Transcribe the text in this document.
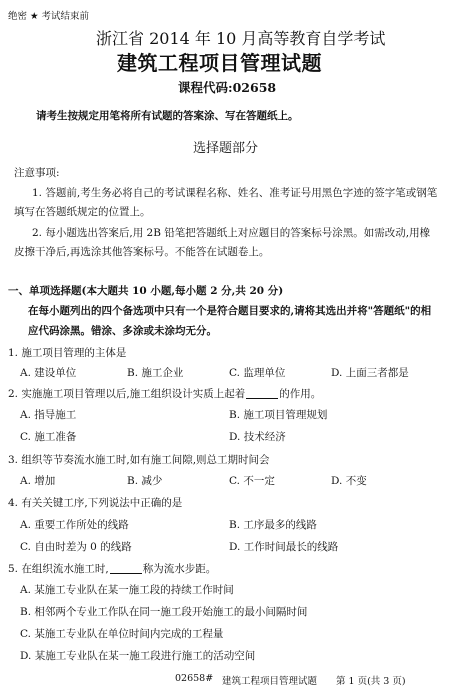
绝密 ★ 考试结束前
浙江省 2014 年 10 月高等教育自学考试
建筑工程项目管理试题
课程代码:02658
请考生按规定用笔将所有试题的答案涂、写在答题纸上。
选择题部分
注意事项:
1. 答题前,考生务必将自己的考试课程名称、姓名、准考证号用黑色字迹的签字笔或钢笔
填写在答题纸规定的位置上。
2. 每小题选出答案后,用 2B 铅笔把答题纸上对应题目的答案标号涂黑。如需改动,用橡
皮擦干净后,再选涂其他答案标号。不能答在试题卷上。
一、单项选择题(本大题共 10 小题,每小题 2 分,共 20 分)
在每小题列出的四个备选项中只有一个是符合题目要求的,请将其选出并将"答题纸"的相
应代码涂黑。错涂、多涂或未涂均无分。
1. 施工项目管理的主体是
A. 建设单位	B. 施工企业	C. 监理单位	D. 上面三者都是
2. 实施施工项目管理以后,施工组织设计实质上起着	的作用。
A. 指导施工	B. 施工项目管理规划
C. 施工准备	D. 技术经济
3. 组织等节奏流水施工时,如有施工间隙,则总工期时间会
A. 增加	B. 减少	C. 不一定	D. 不变
4. 有关关键工序,下列说法中正确的是
A. 重要工作所处的线路	B. 工序最多的线路
C. 自由时差为 0 的线路	D. 工作时间最长的线路
5. 在组织流水施工时,	称为流水步距。
A. 某施工专业队在某一施工段的持续工作时间
B. 相邻两个专业工作队在同一施工段开始施工的最小间隔时间
C. 某施工专业队在单位时间内完成的工程量
D. 某施工专业队在某一施工段进行施工的活动空间
02658# 建筑工程项目管理试题 第 1 页(共 3 页)
